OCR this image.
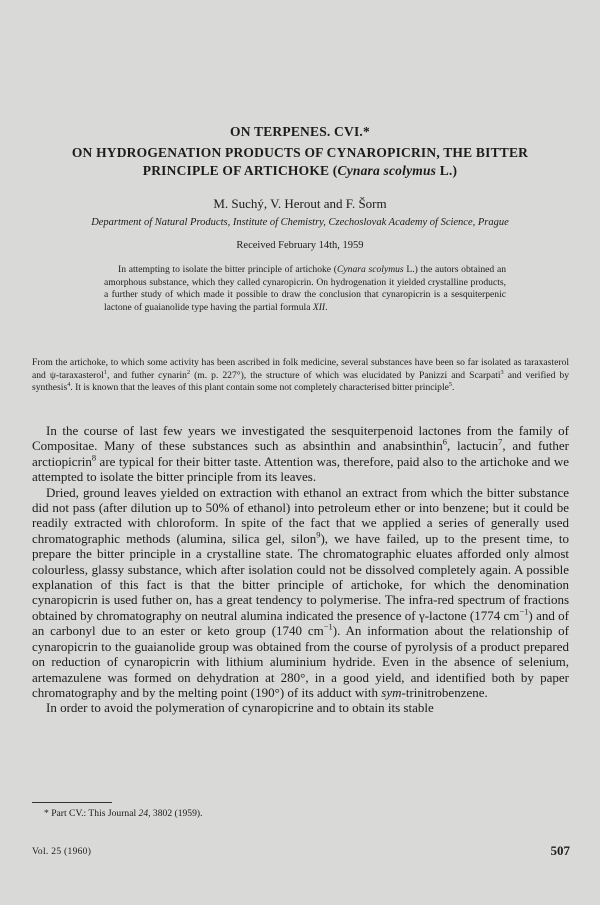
ON TERPENES. CVI.*
ON HYDROGENATION PRODUCTS OF CYNAROPICRIN, THE BITTER PRINCIPLE OF ARTICHOKE (Cynara scolymus L.)
M. Suchý, V. Herout and F. Šorm
Department of Natural Products, Institute of Chemistry, Czechoslovak Academy of Science, Prague
Received February 14th, 1959
In attempting to isolate the bitter principle of artichoke (Cynara scolymus L.) the autors obtained an amorphous substance, which they called cynaropicrin. On hydrogenation it yielded crystalline products, a further study of which made it possible to draw the conclusion that cynaropicrin is a sesquiterpenic lactone of guaianolide type having the partial formula XII.
From the artichoke, to which some activity has been ascribed in folk medicine, several substances have been so far isolated as taraxasterol and ψ-taraxasterol$^1$, and futher cynarin$^2$ (m. p. 227°), the structure of which was elucidated by Panizzi and Scarpati$^3$ and verified by synthesis$^4$. It is known that the leaves of this plant contain some not completely characterised bitter principle$^5$.

In the course of last few years we investigated the sesquiterpenoid lactones from the family of Compositae. Many of these substances such as absinthin and anabsinthin$^6$, lactucin$^7$, and futher arctiopicrin$^8$ are typical for their bitter taste. Attention was, therefore, paid also to the artichoke and we attempted to isolate the bitter principle from its leaves.

Dried, ground leaves yielded on extraction with ethanol an extract from which the bitter substance did not pass (after dilution up to 50% of ethanol) into petroleum ether or into benzene; but it could be readily extracted with chloroform. In spite of the fact that we applied a series of generally used chromatographic methods (alumina, silica gel, silon$^9$), we have failed, up to the present time, to prepare the bitter principle in a crystalline state. The chromatographic eluates afforded only almost colourless, glassy substance, which after isolation could not be dissolved completely again. A possible explanation of this fact is that the bitter principle of artichoke, for which the denomination cynaropicrin is used futher on, has a great tendency to polymerise. The infra-red spectrum of fractions obtained by chromatography on neutral alumina indicated the presence of γ-lactone (1774 $cm^{-1}$) and of an carbonyl due to an ester or keto group (1740 $cm^{-1}$). An information about the relationship of cynaropicrin to the guaianolide group was obtained from the course of pyrolysis of a product prepared on reduction of cynaropicrin with lithium aluminium hydride. Even in the absence of selenium, artemazulene was formed on dehydration at 280°, in a good yield, and identified both by paper chromatography and by the melting point (190°) of its adduct with sym-trinitrobenzene.

In order to avoid the polymeration of cynaropicrine and to obtain its stable

* Part CV.: This Journal 24, 3802 (1959).
Vol. 25 (1960)	507
